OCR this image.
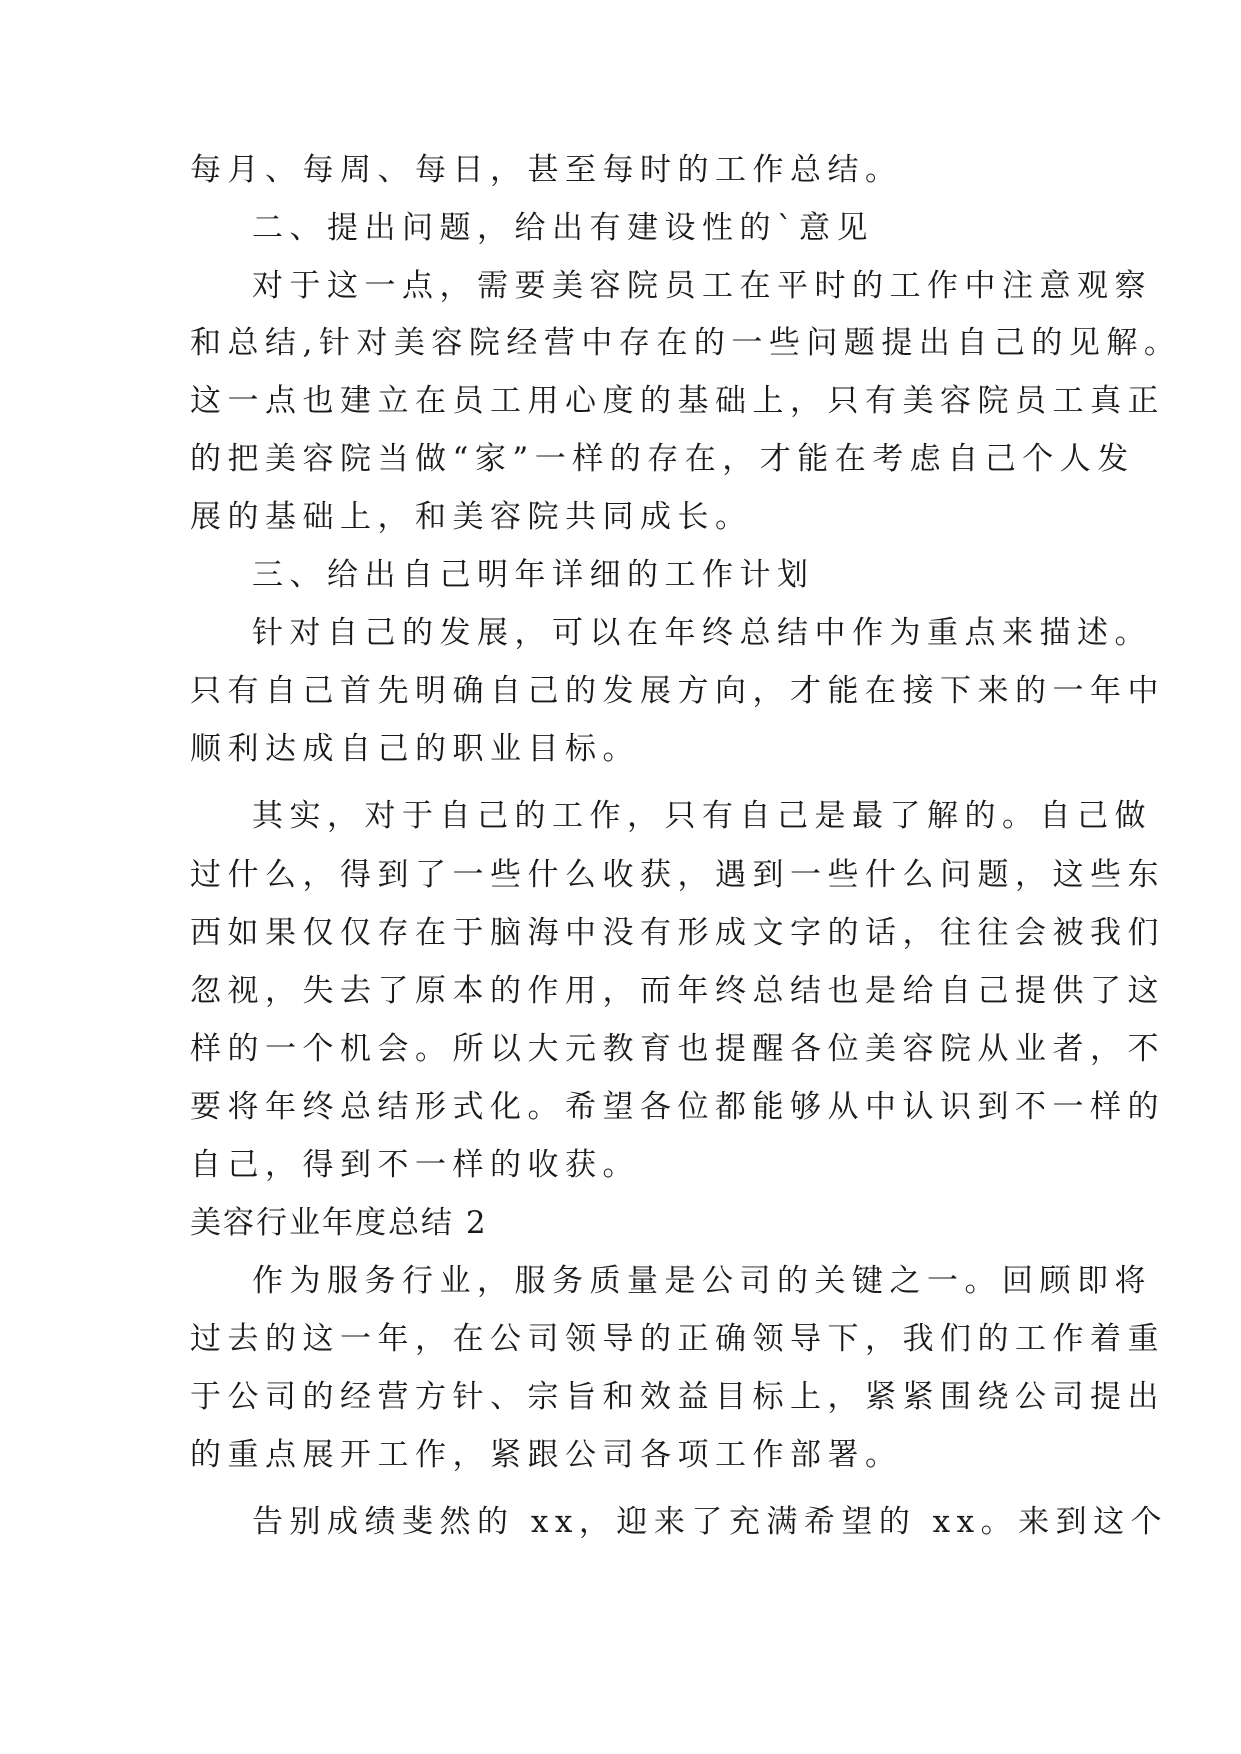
每月、每周、每日，甚至每时的工作总结。

二、提出问题，给出有建设性的`意见

对于这一点，需要美容院员工在平时的工作中注意观察

和总结,针对美容院经营中存在的一些问题提出自己的见解。

这一点也建立在员工用心度的基础上，只有美容院员工真正

的把美容院当做“家”一样的存在，才能在考虑自己个人发

展的基础上，和美容院共同成长。

三、给出自己明年详细的工作计划

针对自己的发展，可以在年终总结中作为重点来描述。

只有自己首先明确自己的发展方向，才能在接下来的一年中

顺利达成自己的职业目标。

其实，对于自己的工作，只有自己是最了解的。自己做

过什么，得到了一些什么收获，遇到一些什么问题，这些东

西如果仅仅存在于脑海中没有形成文字的话，往往会被我们

忽视，失去了原本的作用，而年终总结也是给自己提供了这

样的一个机会。所以大元教育也提醒各位美容院从业者，不

要将年终总结形式化。希望各位都能够从中认识到不一样的

自己，得到不一样的收获。

美容行业年度总结 2

作为服务行业，服务质量是公司的关键之一。回顾即将

过去的这一年，在公司领导的正确领导下，我们的工作着重

于公司的经营方针、宗旨和效益目标上，紧紧围绕公司提出

的重点展开工作，紧跟公司各项工作部署。

告别成绩斐然的 xx，迎来了充满希望的 xx。来到这个
